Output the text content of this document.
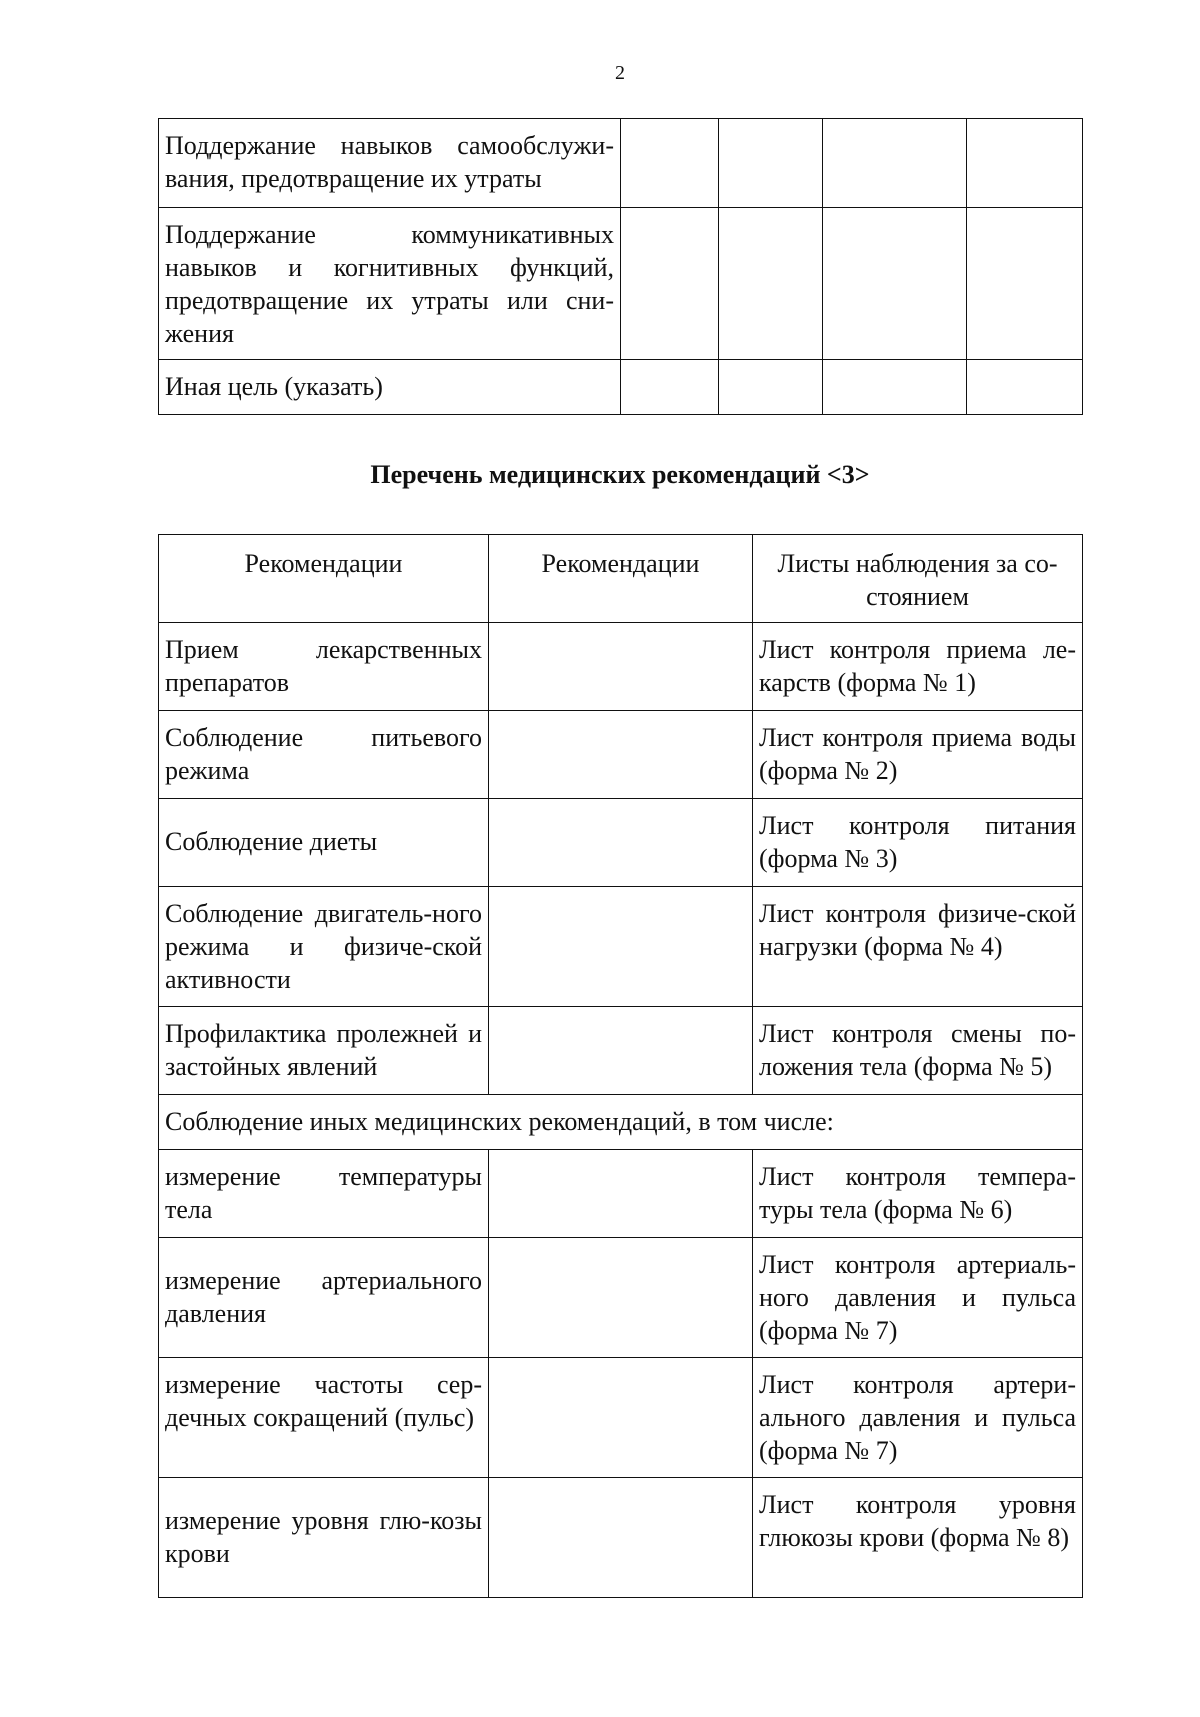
2
Поддержание навыков самообслужи-вания, предотвращение их утраты				
Поддержание коммуникативных навыков и когнитивных функций, предотвращение их утраты или сни-жения				
Иная цель (указать)				
Перечень медицинских рекомендаций <3>
Рекомендации	Рекомендации	Листы наблюдения за со-стоянием
Прием лекарственных препаратов		Лист контроля приема ле-карств (форма № 1)
Соблюдение питьевого режима		Лист контроля приема воды (форма № 2)
Соблюдение диеты		Лист контроля питания (форма № 3)
Соблюдение двигатель-ного режима и физиче-ской активности		Лист контроля физиче-ской нагрузки (форма № 4)
Профилактика пролежней и застойных явлений		Лист контроля смены по-ложения тела (форма № 5)
Соблюдение иных медицинских рекомендаций, в том числе:		
измерение температуры тела		Лист контроля темпера-туры тела (форма № 6)
измерение артериального давления		Лист контроля артериаль-ного давления и пульса (форма № 7)
измерение частоты сер-дечных сокращений (пульс)		Лист контроля артери-ального давления и пульса (форма № 7)
измерение уровня глю-козы крови		Лист контроля уровня глюкозы крови (форма № 8)
